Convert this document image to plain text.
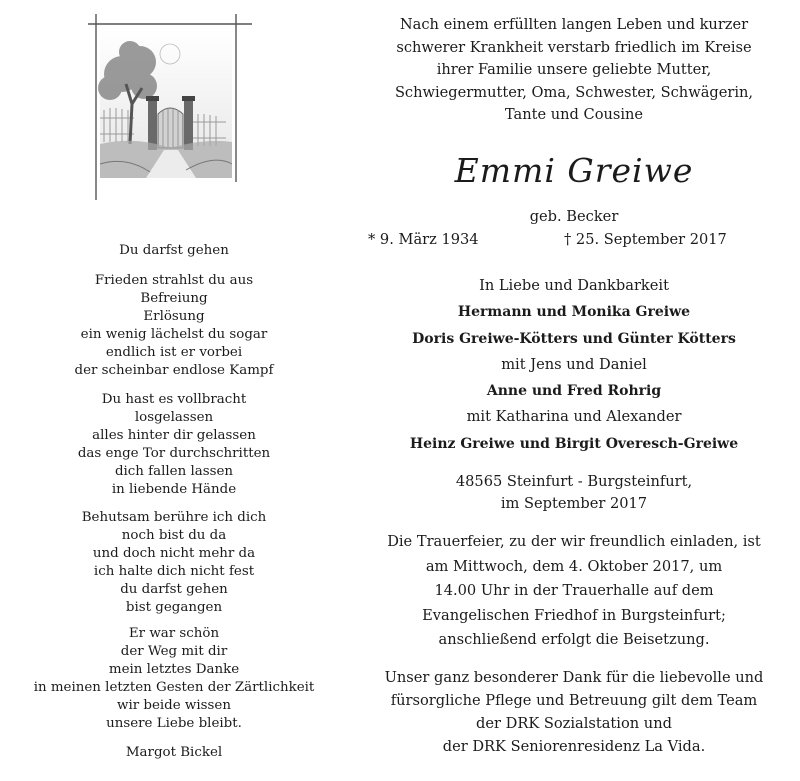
Du darfst gehen
Frieden strahlst du aus
Befreiung
Erlösung
ein wenig lächelst du sogar
endlich ist er vorbei
der scheinbar endlose Kampf
Du hast es vollbracht
losgelassen
alles hinter dir gelassen
das enge Tor durchschritten
dich fallen lassen
in liebende Hände
Behutsam berühre ich dich
noch bist du da
und doch nicht mehr da
ich halte dich nicht fest
du darfst gehen
bist gegangen
Er war schön
der Weg mit dir
mein letztes Danke
in meinen letzten Gesten der Zärtlichkeit
wir beide wissen
unsere Liebe bleibt.
Margot Bickel
Nach einem erfüllten langen Leben und kurzer
schwerer Krankheit verstarb friedlich im Kreise
ihrer Familie unsere geliebte Mutter,
Schwiegermutter, Oma, Schwester, Schwägerin,
Tante und Cousine
Emmi Greiwe
geb. Becker
* 9. März 1934	† 25. September 2017
In Liebe und Dankbarkeit
Hermann und Monika Greiwe
Doris Greiwe-Kötters und Günter Kötters
mit Jens und Daniel
Anne und Fred Rohrig
mit Katharina und Alexander
Heinz Greiwe und Birgit Overesch-Greiwe
48565 Steinfurt - Burgsteinfurt,
im September 2017
Die Trauerfeier, zu der wir freundlich einladen, ist
am Mittwoch, dem 4. Oktober 2017, um
14.00 Uhr in der Trauerhalle auf dem
Evangelischen Friedhof in Burgsteinfurt;
anschließend erfolgt die Beisetzung.
Unser ganz besonderer Dank für die liebevolle und
fürsorgliche Pflege und Betreuung gilt dem Team
der DRK Sozialstation und
der DRK Seniorenresidenz La Vida.
